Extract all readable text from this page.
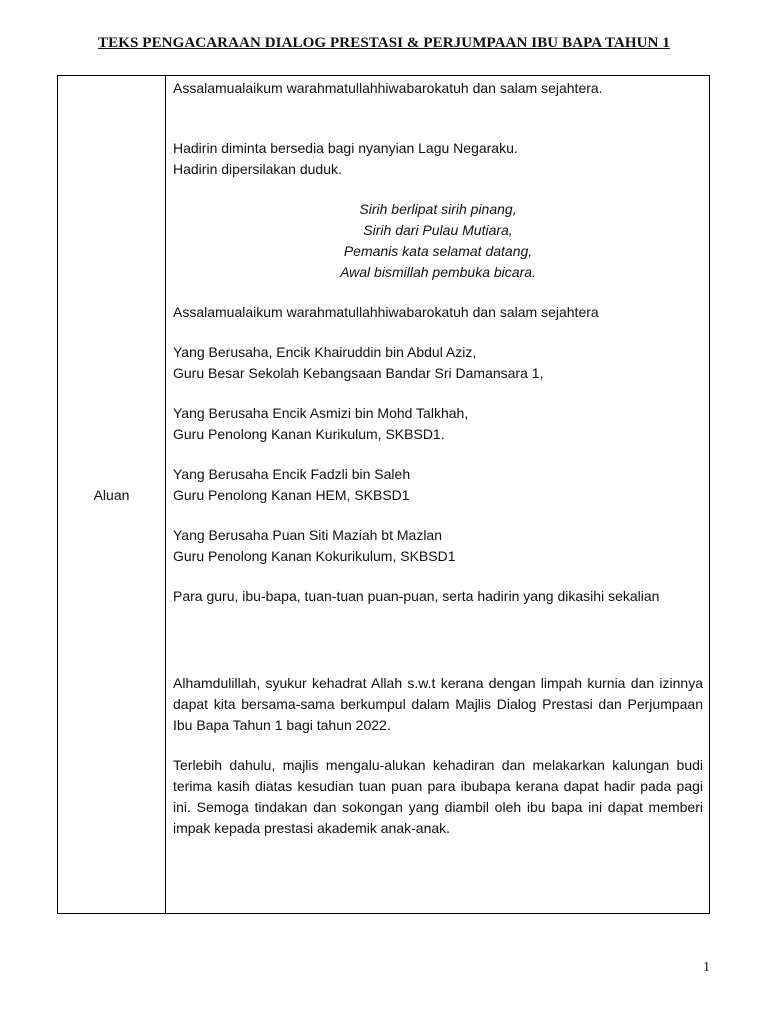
TEKS PENGACARAAN DIALOG PRESTASI & PERJUMPAAN IBU BAPA TAHUN 1
Aluan

Assalamualaikum warahmatullahhiwabarokatuh dan salam sejahtera.

Hadirin diminta bersedia bagi nyanyian Lagu Negaraku.

Hadirin dipersilakan duduk.

Sirih berlipat sirih pinang,

Sirih dari Pulau Mutiara,

Pemanis kata selamat datang,

Awal bismillah pembuka bicara.

Assalamualaikum warahmatullahhiwabarokatuh dan salam sejahtera

Yang Berusaha, Encik Khairuddin bin Abdul Aziz,

Guru Besar Sekolah Kebangsaan Bandar Sri Damansara 1,

Yang Berusaha Encik Asmizi bin Mohd Talkhah,

Guru Penolong Kanan Kurikulum, SKBSD1.

Yang Berusaha Encik Fadzli bin Saleh

Guru Penolong Kanan HEM, SKBSD1

Yang Berusaha Puan Siti Maziah bt Mazlan

Guru Penolong Kanan Kokurikulum, SKBSD1

Para guru, ibu-bapa, tuan-tuan puan-puan, serta hadirin yang dikasihi sekalian

Alhamdulillah, syukur kehadrat Allah s.w.t kerana dengan limpah kurnia dan izinnya dapat kita bersama-sama berkumpul dalam Majlis Dialog Prestasi dan Perjumpaan Ibu Bapa Tahun 1 bagi tahun 2022.

Terlebih dahulu, majlis mengalu-alukan kehadiran dan melakarkan kalungan budi terima kasih diatas kesudian tuan puan para ibubapa kerana dapat hadir pada pagi ini. Semoga tindakan dan sokongan yang diambil oleh ibu bapa ini dapat memberi impak kepada prestasi akademik anak-anak.

1
